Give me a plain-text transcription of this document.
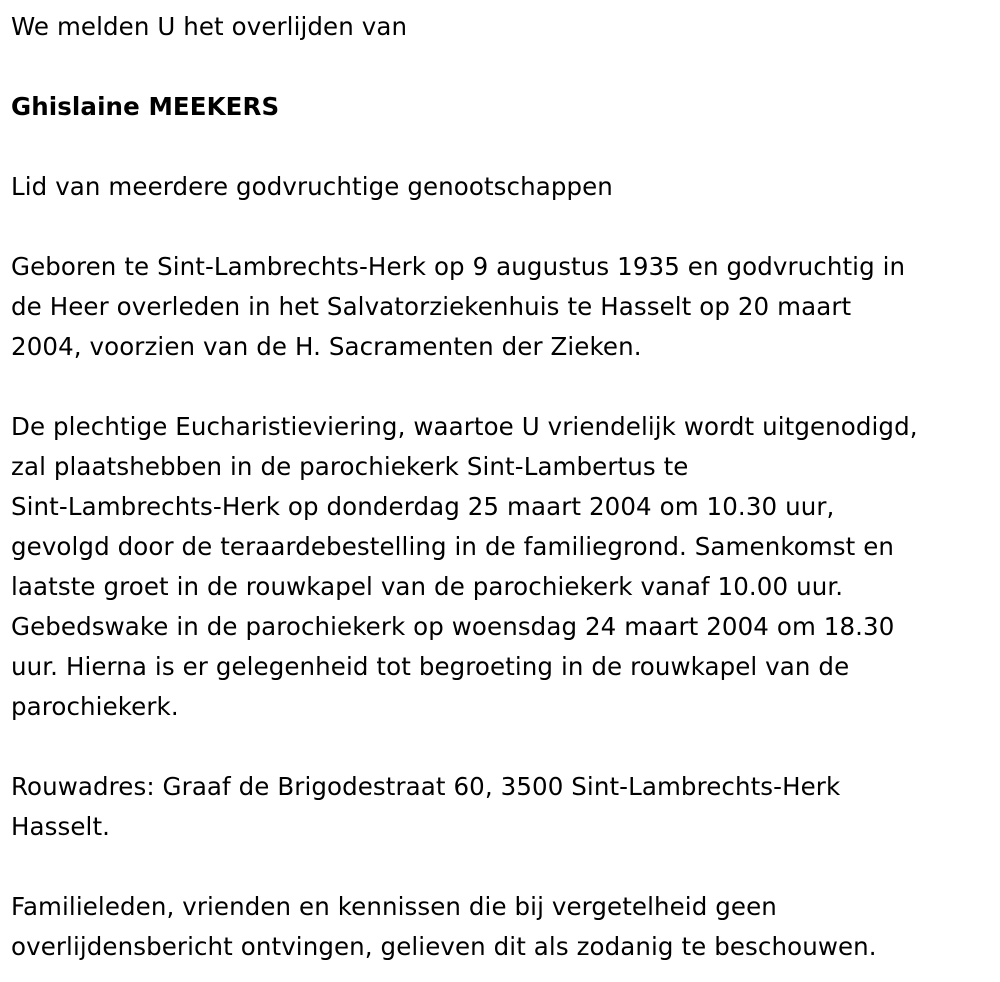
We melden U het overlijden van

Ghislaine MEEKERS

Lid van meerdere godvruchtige genootschappen

Geboren te Sint-Lambrechts-Herk op 9 augustus 1935 en godvruchtig in
de Heer overleden in het Salvatorziekenhuis te Hasselt op 20 maart
2004, voorzien van de H. Sacramenten der Zieken.

De plechtige Eucharistieviering, waartoe U vriendelijk wordt uitgenodigd,
zal plaatshebben in de parochiekerk Sint-Lambertus te
Sint-Lambrechts-Herk op donderdag 25 maart 2004 om 10.30 uur,
gevolgd door de teraardebestelling in de familiegrond. Samenkomst en
laatste groet in de rouwkapel van de parochiekerk vanaf 10.00 uur.
Gebedswake in de parochiekerk op woensdag 24 maart 2004 om 18.30
uur. Hierna is er gelegenheid tot begroeting in de rouwkapel van de
parochiekerk.

Rouwadres: Graaf de Brigodestraat 60, 3500 Sint-Lambrechts-Herk
Hasselt.

Familieleden, vrienden en kennissen die bij vergetelheid geen
overlijdensbericht ontvingen, gelieven dit als zodanig te beschouwen.
